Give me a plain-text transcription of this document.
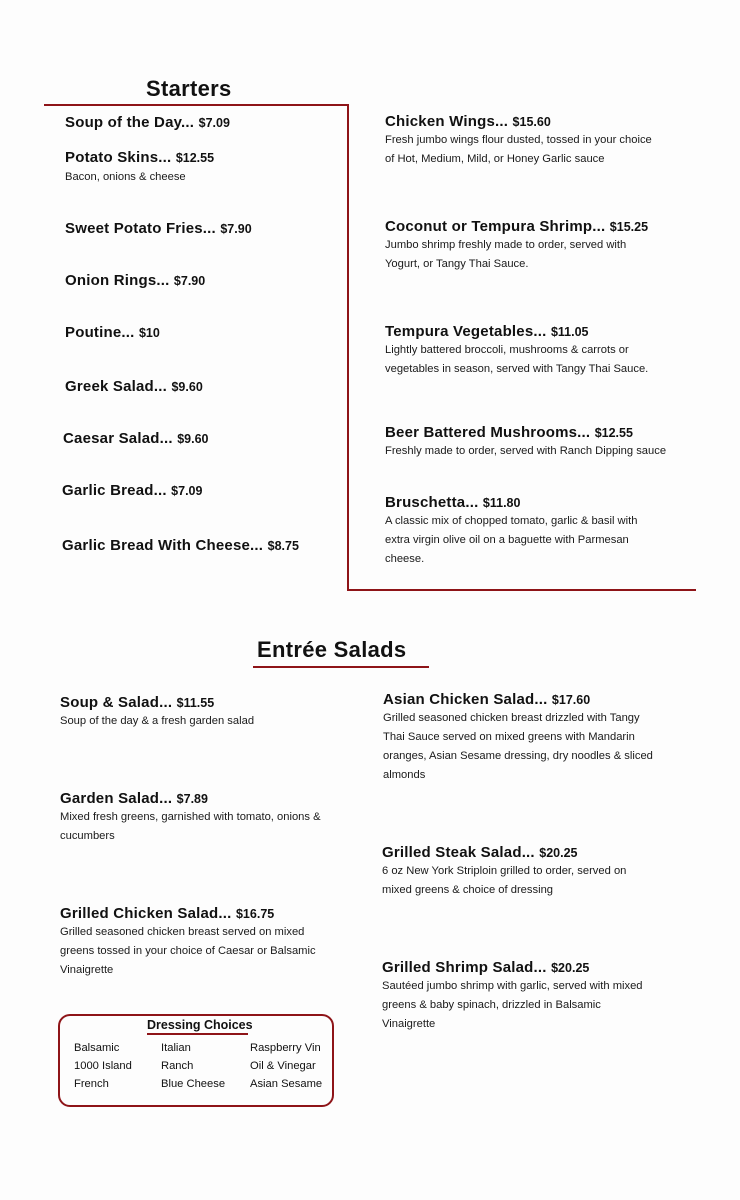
Starters
Soup of the Day... $7.09
Potato Skins... $12.55
Bacon, onions & cheese
Sweet Potato Fries... $7.90
Onion Rings... $7.90
Poutine... $10
Greek Salad... $9.60
Caesar Salad... $9.60
Garlic Bread... $7.09
Garlic Bread With Cheese... $8.75
Chicken Wings... $15.60
Fresh jumbo wings flour dusted, tossed in your choice
of Hot, Medium, Mild, or Honey Garlic sauce
Coconut or Tempura Shrimp... $15.25
Jumbo shrimp freshly made to order, served with
Yogurt, or Tangy Thai Sauce.
Tempura Vegetables... $11.05
Lightly battered broccoli, mushrooms & carrots or
vegetables in season, served with Tangy Thai Sauce.
Beer Battered Mushrooms... $12.55
Freshly made to order, served with Ranch Dipping sauce
Bruschetta... $11.80
A classic mix of chopped tomato, garlic & basil with
extra virgin olive oil on a baguette with Parmesan
cheese.
Entrée Salads
Soup & Salad... $11.55
Soup of the day & a fresh garden salad
Garden Salad... $7.89
Mixed fresh greens, garnished with tomato, onions &
cucumbers
Grilled Chicken Salad... $16.75
Grilled seasoned chicken breast served on mixed
greens tossed in your choice of Caesar or Balsamic
Vinaigrette
Asian Chicken Salad... $17.60
Grilled seasoned chicken breast drizzled with Tangy
Thai Sauce served on mixed greens with Mandarin
oranges, Asian Sesame dressing, dry noodles & sliced
almonds
Grilled Steak Salad... $20.25
6 oz New York Striploin grilled to order, served on
mixed greens & choice of dressing
Grilled Shrimp Salad... $20.25
Sautéed jumbo shrimp with garlic, served with mixed
greens & baby spinach, drizzled in Balsamic
Vinaigrette
Dressing Choices
Balsamic
1000 Island
French
Italian
Ranch
Blue Cheese
Raspberry Vin
Oil & Vinegar
Asian Sesame
